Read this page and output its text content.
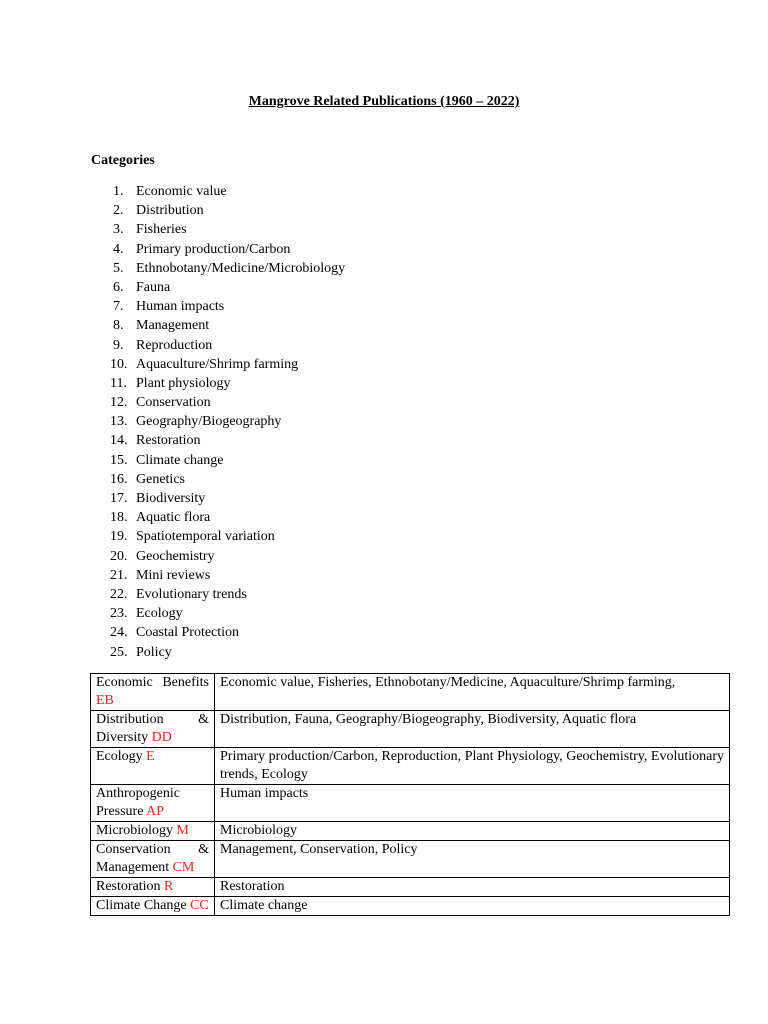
Mangrove Related Publications (1960 – 2022)
Categories
1. Economic value
2. Distribution
3. Fisheries
4. Primary production/Carbon
5. Ethnobotany/Medicine/Microbiology
6. Fauna
7. Human impacts
8. Management
9. Reproduction
10. Aquaculture/Shrimp farming
11. Plant physiology
12. Conservation
13. Geography/Biogeography
14. Restoration
15. Climate change
16. Genetics
17. Biodiversity
18. Aquatic flora
19. Spatiotemporal variation
20. Geochemistry
21. Mini reviews
22. Evolutionary trends
23. Ecology
24. Coastal Protection
25. Policy
Economic Benefits EB	Economic value, Fisheries, Ethnobotany/Medicine, Aquaculture/Shrimp farming,
Distribution & Diversity DD	Distribution, Fauna, Geography/Biogeography, Biodiversity, Aquatic flora
Ecology E	Primary production/Carbon, Reproduction, Plant Physiology, Geochemistry, Evolutionary trends, Ecology
Anthropogenic Pressure AP	Human impacts
Microbiology M	Microbiology
Conservation & Management CM	Management, Conservation, Policy
Restoration R	Restoration
Climate Change CC	Climate change
